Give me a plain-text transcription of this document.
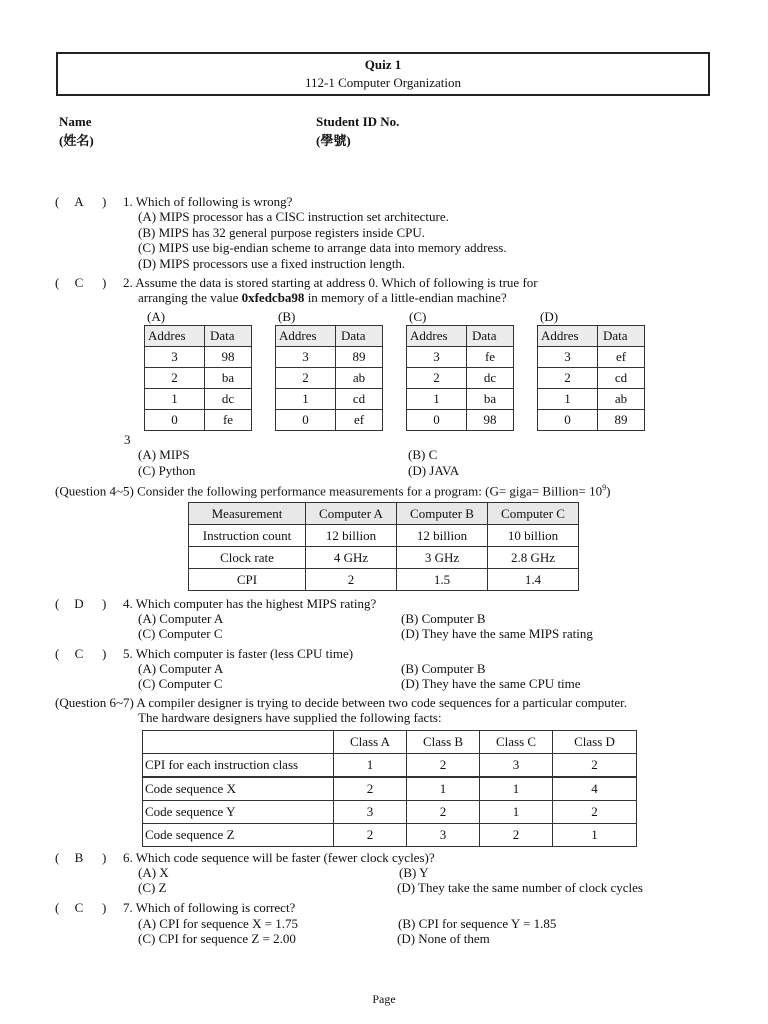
Quiz 1
112-1 Computer Organization
Name
(姓名)
Student ID No.
(學號)
( A ) 1. Which of following is wrong?
(A) MIPS processor has a CISC instruction set architecture.
(B) MIPS has 32 general purpose registers inside CPU.
(C) MIPS use big-endian scheme to arrange data into memory address.
(D) MIPS processors use a fixed instruction length.
( C ) 2. Assume the data is stored starting at address 0. Which of following is true for
arranging the value 0xfedcba98 in memory of a little-endian machine?
(A)	(B)	(C)	(D)
Addres	Data
3	98
2	ba
1	dc
0	fe
Addres	Data
3	89
2	ab
1	cd
0	ef
Addres	Data
3	fe
2	dc
1	ba
0	98
Addres	Data
3	ef
2	cd
1	ab
0	89
3
(A) MIPS	(B) C
(C) Python	(D) JAVA
(Question 4~5) Consider the following performance measurements for a program: (G= giga= Billion= $10^9$)
Measurement	Computer A	Computer B	Computer C
Instruction count	12 billion	12 billion	10 billion
Clock rate	4 GHz	3 GHz	2.8 GHz
CPI	2	1.5	1.4
( D ) 4. Which computer has the highest MIPS rating?
(A) Computer A	(B) Computer B
(C) Computer C	(D) They have the same MIPS rating
( C ) 5. Which computer is faster (less CPU time)
(A) Computer A	(B) Computer B
(C) Computer C	(D) They have the same CPU time
(Question 6~7) A compiler designer is trying to decide between two code sequences for a particular computer.
The hardware designers have supplied the following facts:
	Class A	Class B	Class C	Class D
CPI for each instruction class	1	2	3	2
Code sequence X	2	1	1	4
Code sequence Y	3	2	1	2
Code sequence Z	2	3	2	1
( B ) 6. Which code sequence will be faster (fewer clock cycles)?
(A) X	(B) Y
(C) Z	(D) They take the same number of clock cycles
( C ) 7. Which of following is correct?
(A) CPI for sequence X = 1.75	(B) CPI for sequence Y = 1.85
(C) CPI for sequence Z = 2.00	(D) None of them
Page
